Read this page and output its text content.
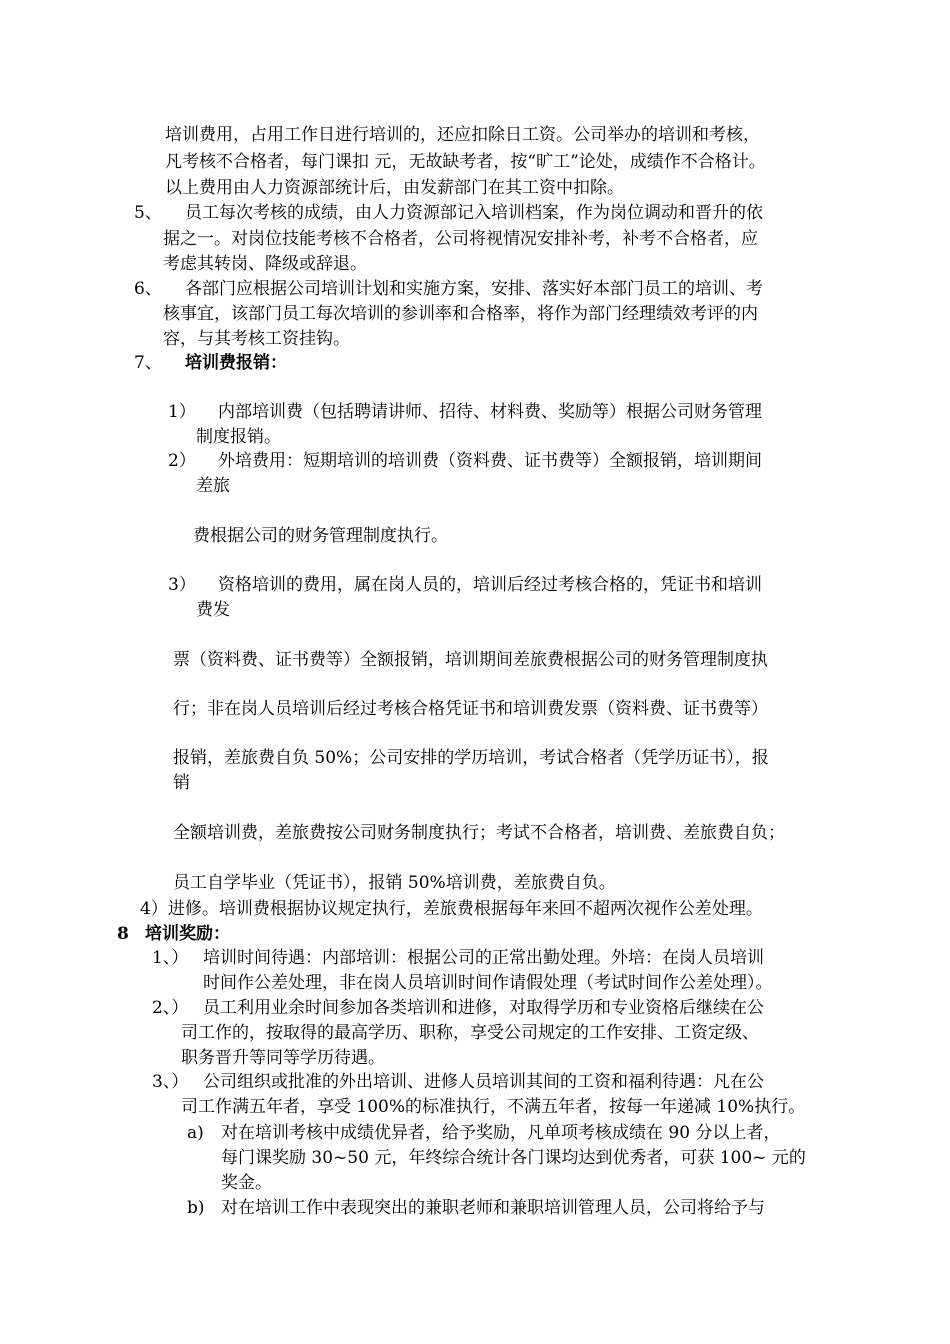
培训费用，占用工作日进行培训的，还应扣除日工资。公司举办的培训和考核，
凡考核不合格者，每门课扣 元，无故缺考者，按“旷工”论处，成绩作不合格计。
以上费用由人力资源部统计后，由发薪部门在其工资中扣除。
5、 员工每次考核的成绩，由人力资源部记入培训档案，作为岗位调动和晋升的依
据之一。对岗位技能考核不合格者，公司将视情况安排补考，补考不合格者，应
考虑其转岗、降级或辞退。
6、 各部门应根据公司培训计划和实施方案，安排、落实好本部门员工的培训、考
核事宜，该部门员工每次培训的参训率和合格率，将作为部门经理绩效考评的内
容，与其考核工资挂钩。
7、 培训费报销：
1） 内部培训费（包括聘请讲师、招待、材料费、奖励等）根据公司财务管理
制度报销。
2） 外培费用：短期培训的培训费（资料费、证书费等）全额报销，培训期间
差旅
费根据公司的财务管理制度执行。
3） 资格培训的费用，属在岗人员的，培训后经过考核合格的，凭证书和培训
费发
票（资料费、证书费等）全额报销，培训期间差旅费根据公司的财务管理制度执
行；非在岗人员培训后经过考核合格凭证书和培训费发票（资料费、证书费等）
报销，差旅费自负 50%；公司安排的学历培训，考试合格者（凭学历证书），报
销
全额培训费，差旅费按公司财务制度执行；考试不合格者，培训费、差旅费自负；
员工自学毕业（凭证书），报销 50%培训费，差旅费自负。
4）进修。培训费根据协议规定执行，差旅费根据每年来回不超两次视作公差处理。
8 培训奖励：
1、） 培训时间待遇：内部培训：根据公司的正常出勤处理。外培：在岗人员培训
时间作公差处理，非在岗人员培训时间作请假处理（考试时间作公差处理）。
2、） 员工利用业余时间参加各类培训和进修，对取得学历和专业资格后继续在公
司工作的，按取得的最高学历、职称，享受公司规定的工作安排、工资定级、
职务晋升等同等学历待遇。
3、） 公司组织或批准的外出培训、进修人员培训其间的工资和福利待遇：凡在公
司工作满五年者，享受 100%的标准执行，不满五年者，按每一年递减 10%执行。
a) 对在培训考核中成绩优异者，给予奖励，凡单项考核成绩在 90 分以上者，
每门课奖励 30~50 元，年终综合统计各门课均达到优秀者，可获 100~ 元的
奖金。
b) 对在培训工作中表现突出的兼职老师和兼职培训管理人员，公司将给予与
